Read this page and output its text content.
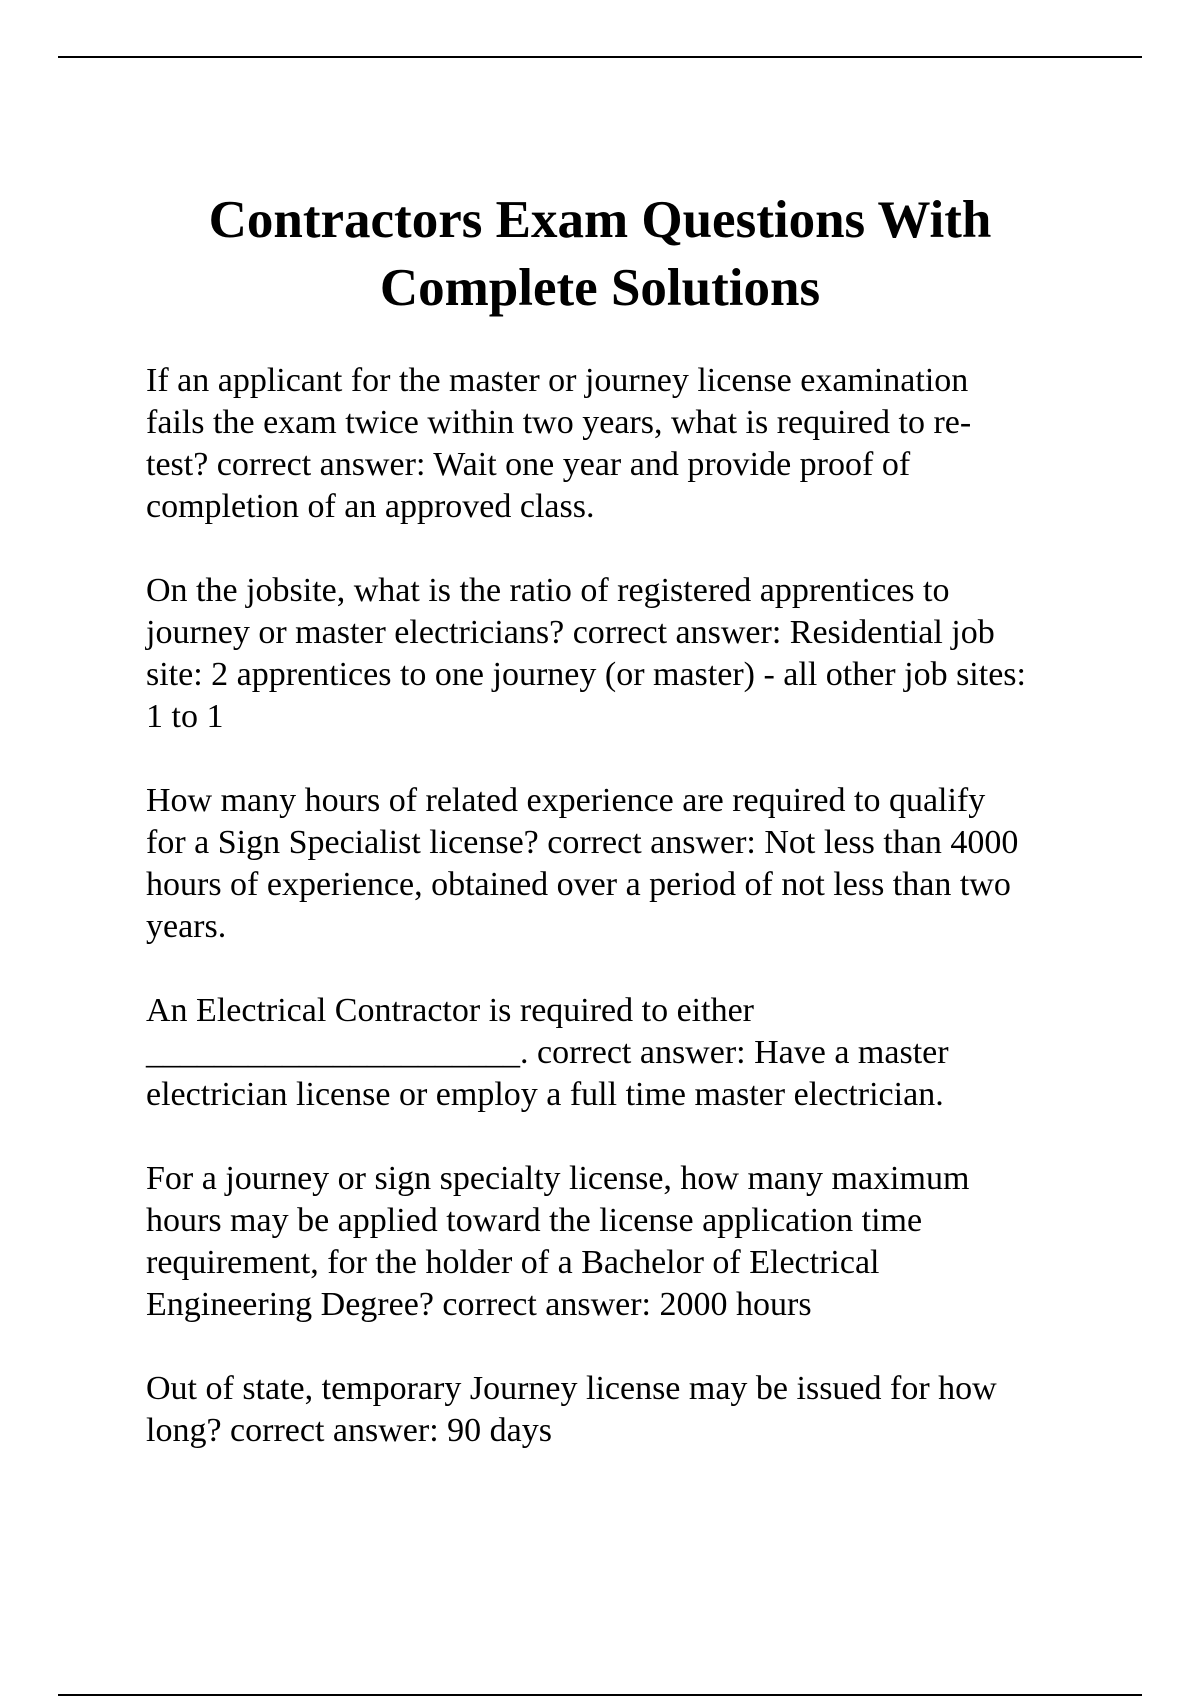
Contractors Exam Questions With
Complete Solutions

If an applicant for the master or journey license examination
fails the exam twice within two years, what is required to re-
test? correct answer: Wait one year and provide proof of
completion of an approved class.

On the jobsite, what is the ratio of registered apprentices to
journey or master electricians? correct answer: Residential job
site: 2 apprentices to one journey (or master) - all other job sites:
1 to 1

How many hours of related experience are required to qualify
for a Sign Specialist license? correct answer: Not less than 4000
hours of experience, obtained over a period of not less than two
years.

An Electrical Contractor is required to either
______________________. correct answer: Have a master
electrician license or employ a full time master electrician.

For a journey or sign specialty license, how many maximum
hours may be applied toward the license application time
requirement, for the holder of a Bachelor of Electrical
Engineering Degree? correct answer: 2000 hours

Out of state, temporary Journey license may be issued for how
long? correct answer: 90 days
